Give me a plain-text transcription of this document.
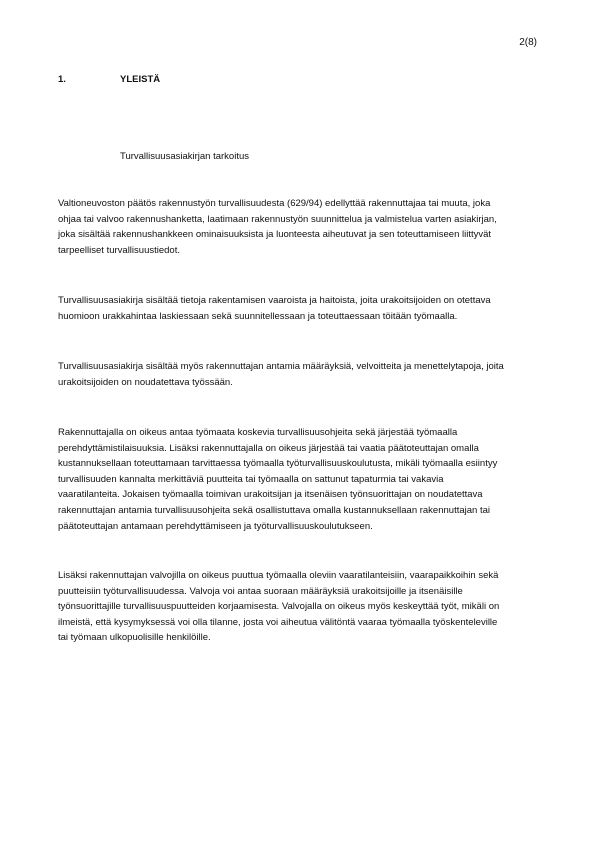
2(8)
1.	YLEISTÄ
Turvallisuusasiakirjan tarkoitus

Valtioneuvoston päätös rakennustyön turvallisuudesta (629/94) edellyttää rakennuttajaa tai muuta, joka
ohjaa tai valvoo rakennushanketta, laatimaan rakennustyön suunnittelua ja valmistelua varten asiakirjan,
joka sisältää rakennushankkeen ominaisuuksista ja luonteesta aiheutuvat ja sen toteuttamiseen liittyvät
tarpeelliset turvallisuustiedot.

Turvallisuusasiakirja sisältää tietoja rakentamisen vaaroista ja haitoista, joita urakoitsijoiden on otettava
huomioon urakkahintaa laskiessaan sekä suunnitellessaan ja toteuttaessaan töitään työmaalla.

Turvallisuusasiakirja sisältää myös rakennuttajan antamia määräyksiä, velvoitteita ja menettelytapoja, joita
urakoitsijoiden on noudatettava työssään.

Rakennuttajalla on oikeus antaa työmaata koskevia turvallisuusohjeita sekä järjestää työmaalla
perehdyttämistilaisuuksia. Lisäksi rakennuttajalla on oikeus järjestää tai vaatia päätoteuttajan omalla
kustannuksellaan toteuttamaan tarvittaessa työmaalla työturvallisuuskoulutusta, mikäli työmaalla esiintyy
turvallisuuden kannalta merkittäviä puutteita tai työmaalla on sattunut tapaturmia tai vakavia
vaaratilanteita. Jokaisen työmaalla toimivan urakoitsijan ja itsenäisen työnsuorittajan on noudatettava
rakennuttajan antamia turvallisuusohjeita sekä osallistuttava omalla kustannuksellaan rakennuttajan tai
päätoteuttajan antamaan perehdyttämiseen ja työturvallisuuskoulutukseen.

Lisäksi rakennuttajan valvojilla on oikeus puuttua työmaalla oleviin vaaratilanteisiin, vaarapaikkoihin sekä
puutteisiin työturvallisuudessa. Valvoja voi antaa suoraan määräyksiä urakoitsijoille ja itsenäisille
työnsuorittajille turvallisuuspuutteiden korjaamisesta. Valvojalla on oikeus myös keskeyttää työt, mikäli on
ilmeistä, että kysymyksessä voi olla tilanne, josta voi aiheutua välitöntä vaaraa työmaalla työskenteleville
tai työmaan ulkopuolisille henkilöille.
